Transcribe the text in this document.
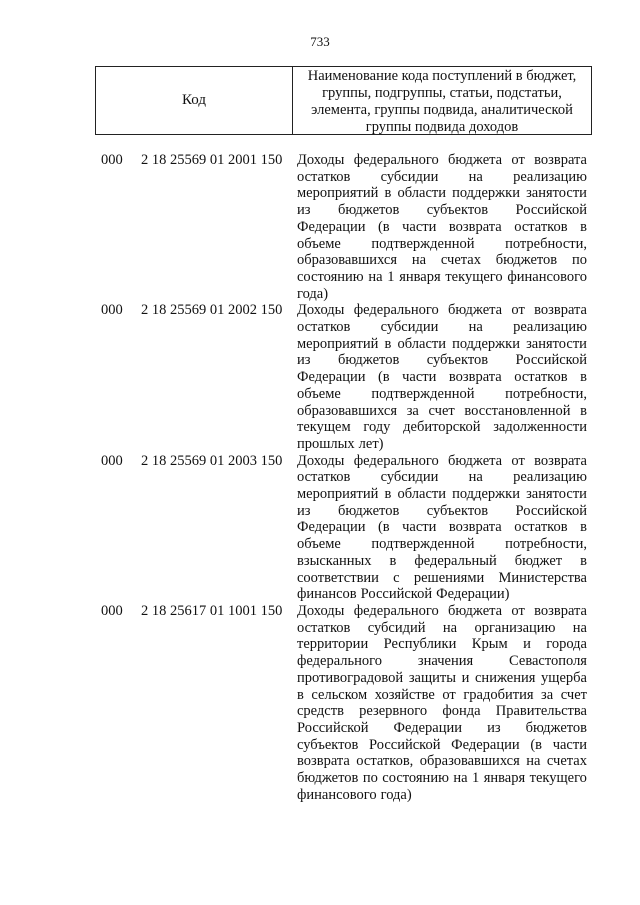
733
Код
Наименование кода поступлений в бюджет,
группы, подгруппы, статьи, подстатьи,
элемента, группы подвида, аналитической
группы подвида доходов
000 2 18 25569 01 2001 150 Доходы федерального бюджета от возврата
остатков субсидии на реализацию
мероприятий в области поддержки занятости
из бюджетов субъектов Российской
Федерации (в части возврата остатков в
объеме подтвержденной потребности,
образовавшихся на счетах бюджетов по
состоянию на 1 января текущего финансового
года)
000 2 18 25569 01 2002 150 Доходы федерального бюджета от возврата
остатков субсидии на реализацию
мероприятий в области поддержки занятости
из бюджетов субъектов Российской
Федерации (в части возврата остатков в
объеме подтвержденной потребности,
образовавшихся за счет восстановленной в
текущем году дебиторской задолженности
прошлых лет)
000 2 18 25569 01 2003 150 Доходы федерального бюджета от возврата
остатков субсидии на реализацию
мероприятий в области поддержки занятости
из бюджетов субъектов Российской
Федерации (в части возврата остатков в
объеме подтвержденной потребности,
взысканных в федеральный бюджет в
соответствии с решениями Министерства
финансов Российской Федерации)
000 2 18 25617 01 1001 150 Доходы федерального бюджета от возврата
остатков субсидий на организацию на
территории Республики Крым и города
федерального значения Севастополя
противоградовой защиты и снижения ущерба
в сельском хозяйстве от градобития за счет
средств резервного фонда Правительства
Российской Федерации из бюджетов
субъектов Российской Федерации (в части
возврата остатков, образовавшихся на счетах
бюджетов по состоянию на 1 января текущего
финансового года)
